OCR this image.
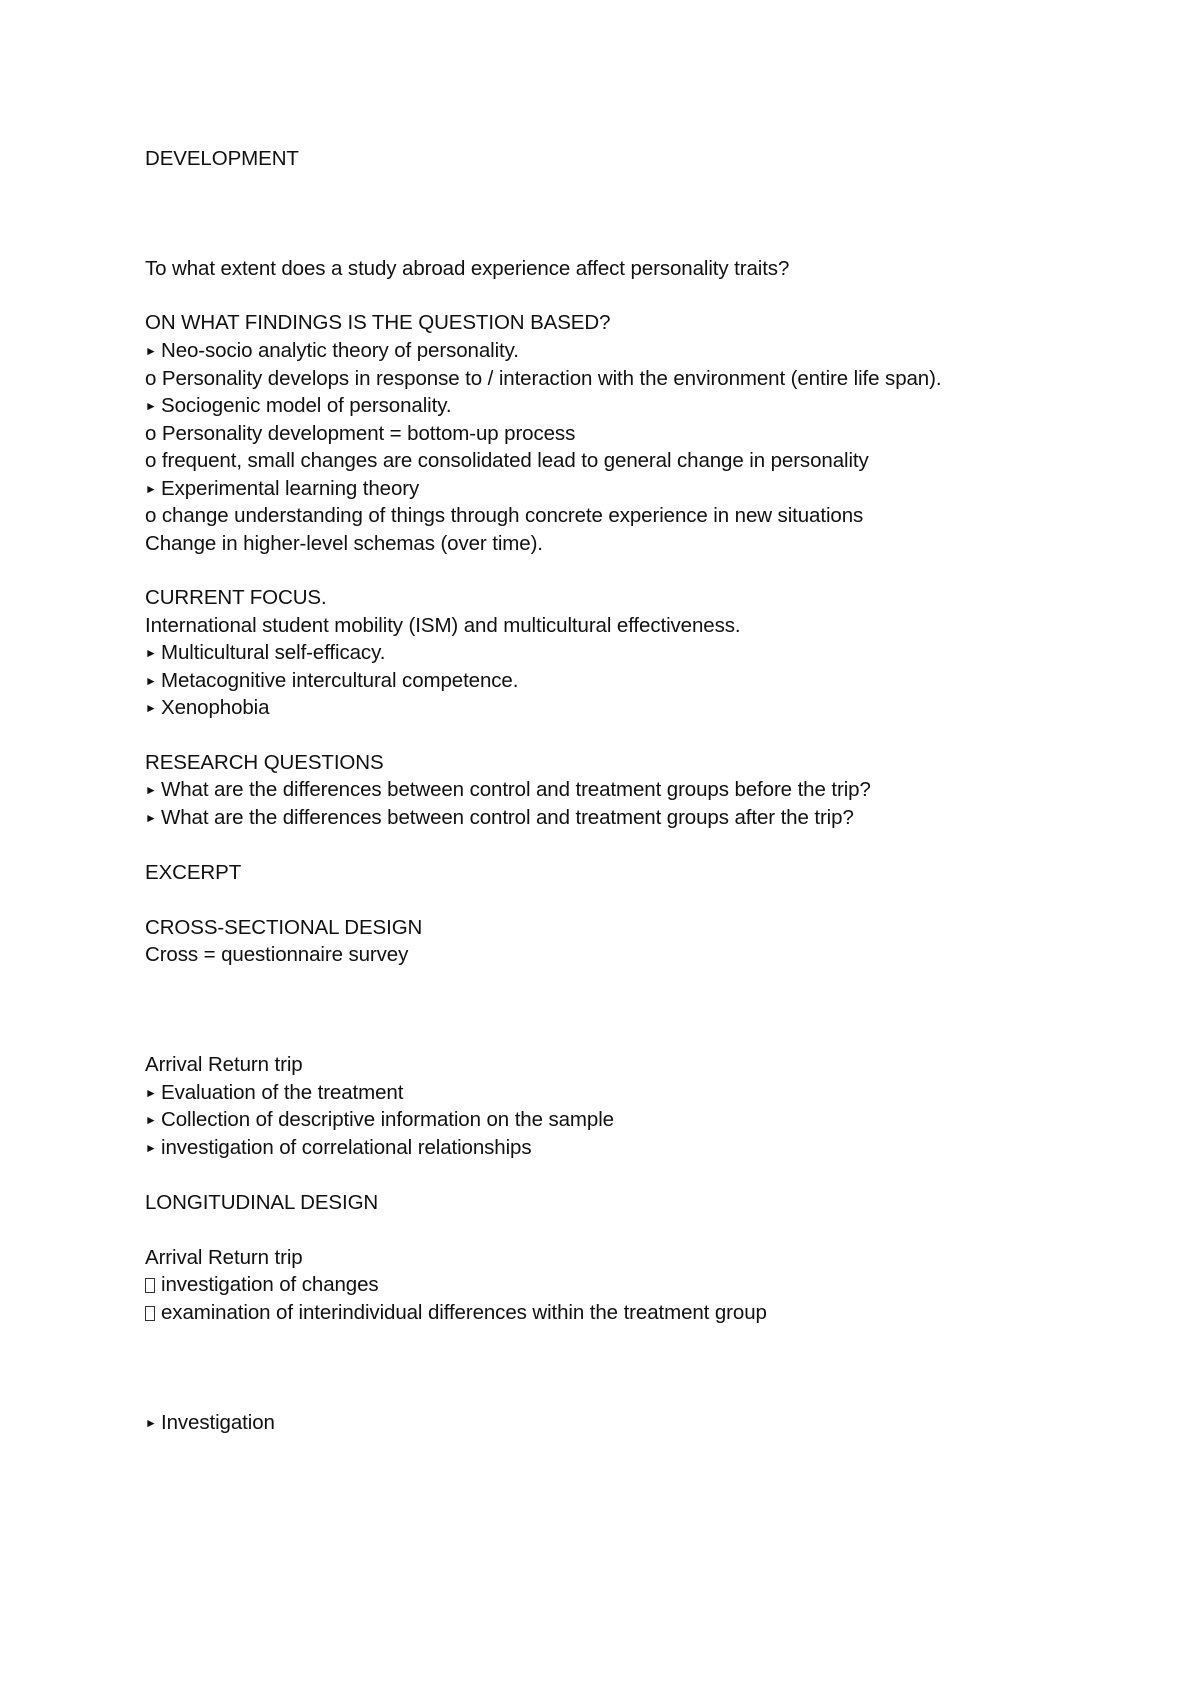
DEVELOPMENT
To what extent does a study abroad experience affect personality traits?
ON WHAT FINDINGS IS THE QUESTION BASED?
► Neo-socio analytic theory of personality.
o Personality develops in response to / interaction with the environment (entire life span).
► Sociogenic model of personality.
o Personality development = bottom-up process
o frequent, small changes are consolidated lead to general change in personality
► Experimental learning theory
o change understanding of things through concrete experience in new situations
Change in higher-level schemas (over time).
CURRENT FOCUS.
International student mobility (ISM) and multicultural effectiveness.
► Multicultural self-efficacy.
► Metacognitive intercultural competence.
► Xenophobia
RESEARCH QUESTIONS
► What are the differences between control and treatment groups before the trip?
► What are the differences between control and treatment groups after the trip?
EXCERPT
CROSS-SECTIONAL DESIGN
Cross = questionnaire survey
Arrival Return trip
► Evaluation of the treatment
► Collection of descriptive information on the sample
► investigation of correlational relationships
LONGITUDINAL DESIGN
Arrival Return trip
investigation of changes
examination of interindividual differences within the treatment group
► Investigation
